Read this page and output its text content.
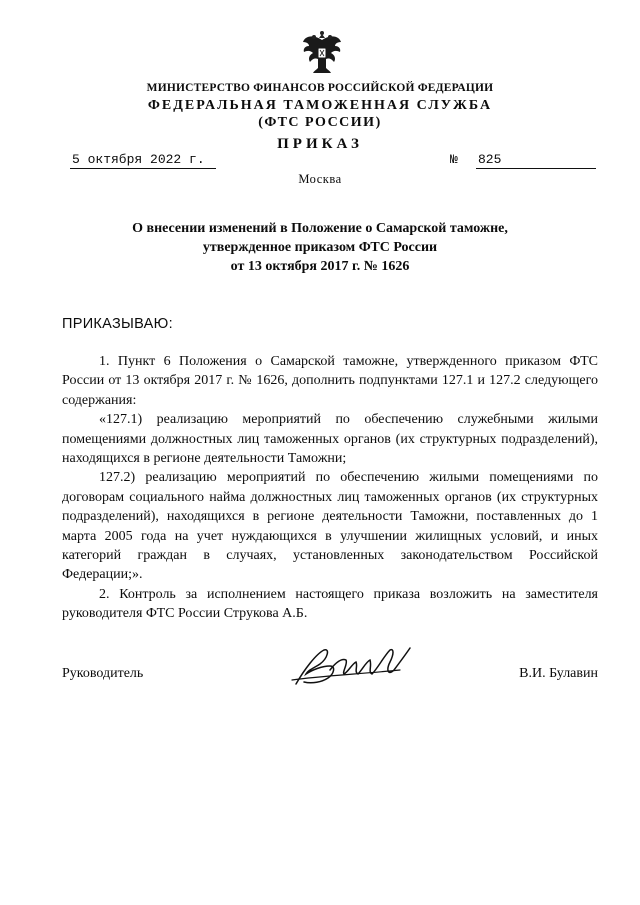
МИНИСТЕРСТВО ФИНАНСОВ РОССИЙСКОЙ ФЕДЕРАЦИИ
ФЕДЕРАЛЬНАЯ ТАМОЖЕННАЯ СЛУЖБА
(ФТС РОССИИ)
ПРИКАЗ
5 октября 2022 г.	№ 825
Москва
О внесении изменений в Положение о Самарской таможне,
утвержденное приказом ФТС России
от 13 октября 2017 г. № 1626
ПРИКАЗЫВАЮ:

1. Пункт 6 Положения о Самарской таможне, утвержденного приказом ФТС России от 13 октября 2017 г. № 1626, дополнить подпунктами 127.1 и 127.2 следующего содержания:

«127.1) реализацию мероприятий по обеспечению служебными жилыми помещениями должностных лиц таможенных органов (их структурных подразделений), находящихся в регионе деятельности Таможни;

127.2) реализацию мероприятий по обеспечению жилыми помещениями по договорам социального найма должностных лиц таможенных органов (их структурных подразделений), находящихся в регионе деятельности Таможни, поставленных до 1 марта 2005 года на учет нуждающихся в улучшении жилищных условий, и иных категорий граждан в случаях, установленных законодательством Российской Федерации;».

2. Контроль за исполнением настоящего приказа возложить на заместителя руководителя ФТС России Струкова А.Б.

Руководитель	В.И. Булавин
